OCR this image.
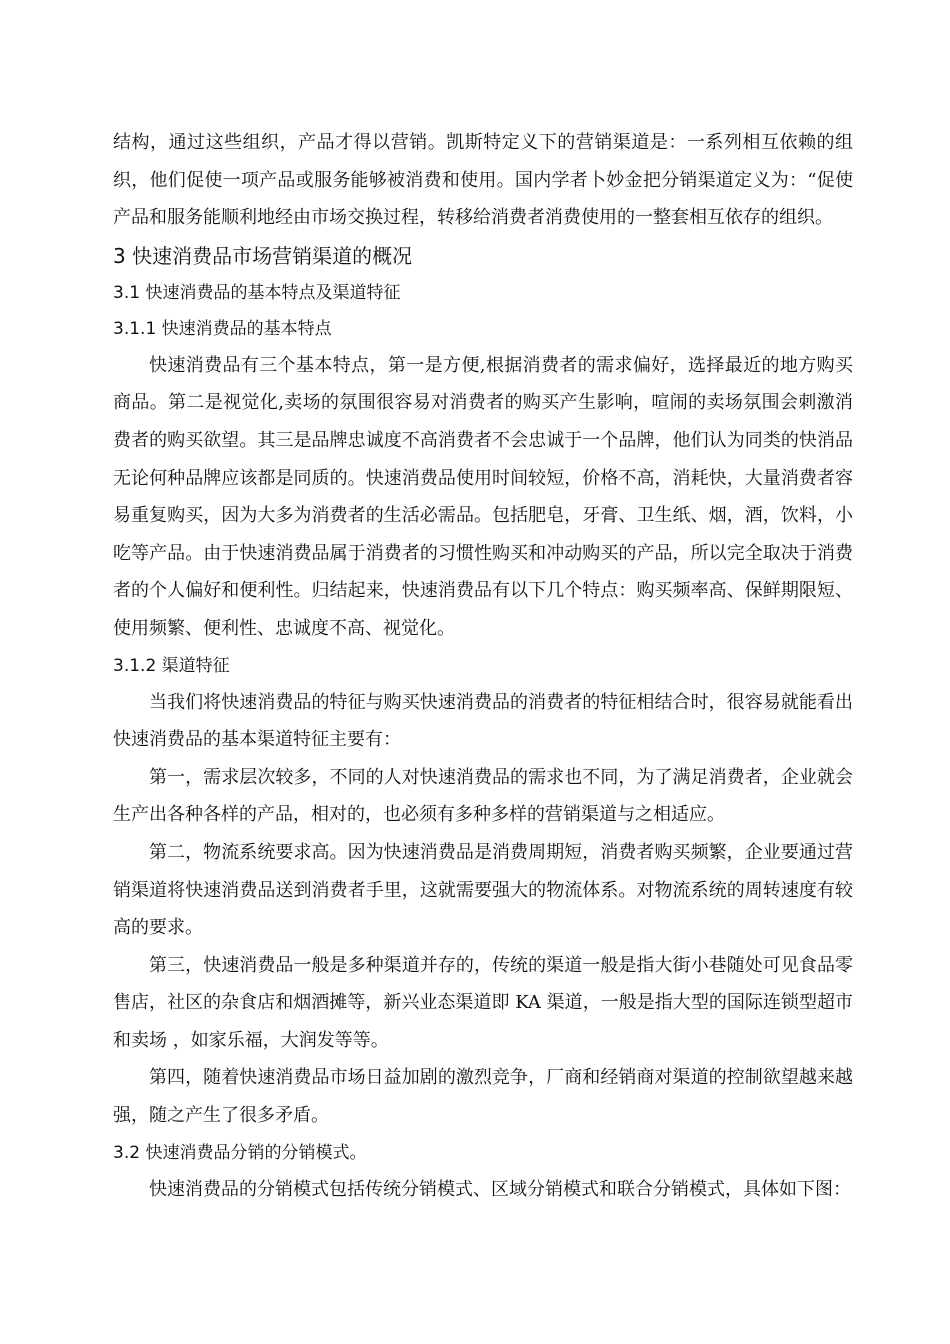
结构，通过这些组织，产品才得以营销。凯斯特定义下的营销渠道是：一系列相互依赖的组织，他们促使一项产品或服务能够被消费和使用。国内学者卜妙金把分销渠道定义为：“促使产品和服务能顺利地经由市场交换过程，转移给消费者消费使用的一整套相互依存的组织。

3 快速消费品市场营销渠道的概况

3.1 快速消费品的基本特点及渠道特征

3.1.1 快速消费品的基本特点

快速消费品有三个基本特点，第一是方便,根据消费者的需求偏好，选择最近的地方购买商品。第二是视觉化,卖场的氛围很容易对消费者的购买产生影响，喧闹的卖场氛围会刺激消费者的购买欲望。其三是品牌忠诚度不高消费者不会忠诚于一个品牌，他们认为同类的快消品无论何种品牌应该都是同质的。快速消费品使用时间较短，价格不高，消耗快，大量消费者容易重复购买，因为大多为消费者的生活必需品。包括肥皂，牙膏、卫生纸、烟，酒，饮料，小吃等产品。由于快速消费品属于消费者的习惯性购买和冲动购买的产品，所以完全取决于消费者的个人偏好和便利性。归结起来，快速消费品有以下几个特点：购买频率高、保鲜期限短、使用频繁、便利性、忠诚度不高、视觉化。

3.1.2 渠道特征

当我们将快速消费品的特征与购买快速消费品的消费者的特征相结合时，很容易就能看出快速消费品的基本渠道特征主要有：

第一，需求层次较多，不同的人对快速消费品的需求也不同，为了满足消费者，企业就会生产出各种各样的产品，相对的，也必须有多种多样的营销渠道与之相适应。

第二，物流系统要求高。因为快速消费品是消费周期短，消费者购买频繁，企业要通过营销渠道将快速消费品送到消费者手里，这就需要强大的物流体系。对物流系统的周转速度有较高的要求。

第三，快速消费品一般是多种渠道并存的，传统的渠道一般是指大街小巷随处可见食品零售店，社区的杂食店和烟酒摊等，新兴业态渠道即 KA 渠道，一般是指大型的国际连锁型超市和卖场 ，如家乐福，大润发等等。

第四，随着快速消费品市场日益加剧的激烈竞争，厂商和经销商对渠道的控制欲望越来越强，随之产生了很多矛盾。

3.2 快速消费品分销的分销模式。

快速消费品的分销模式包括传统分销模式、区域分销模式和联合分销模式，具体如下图：
